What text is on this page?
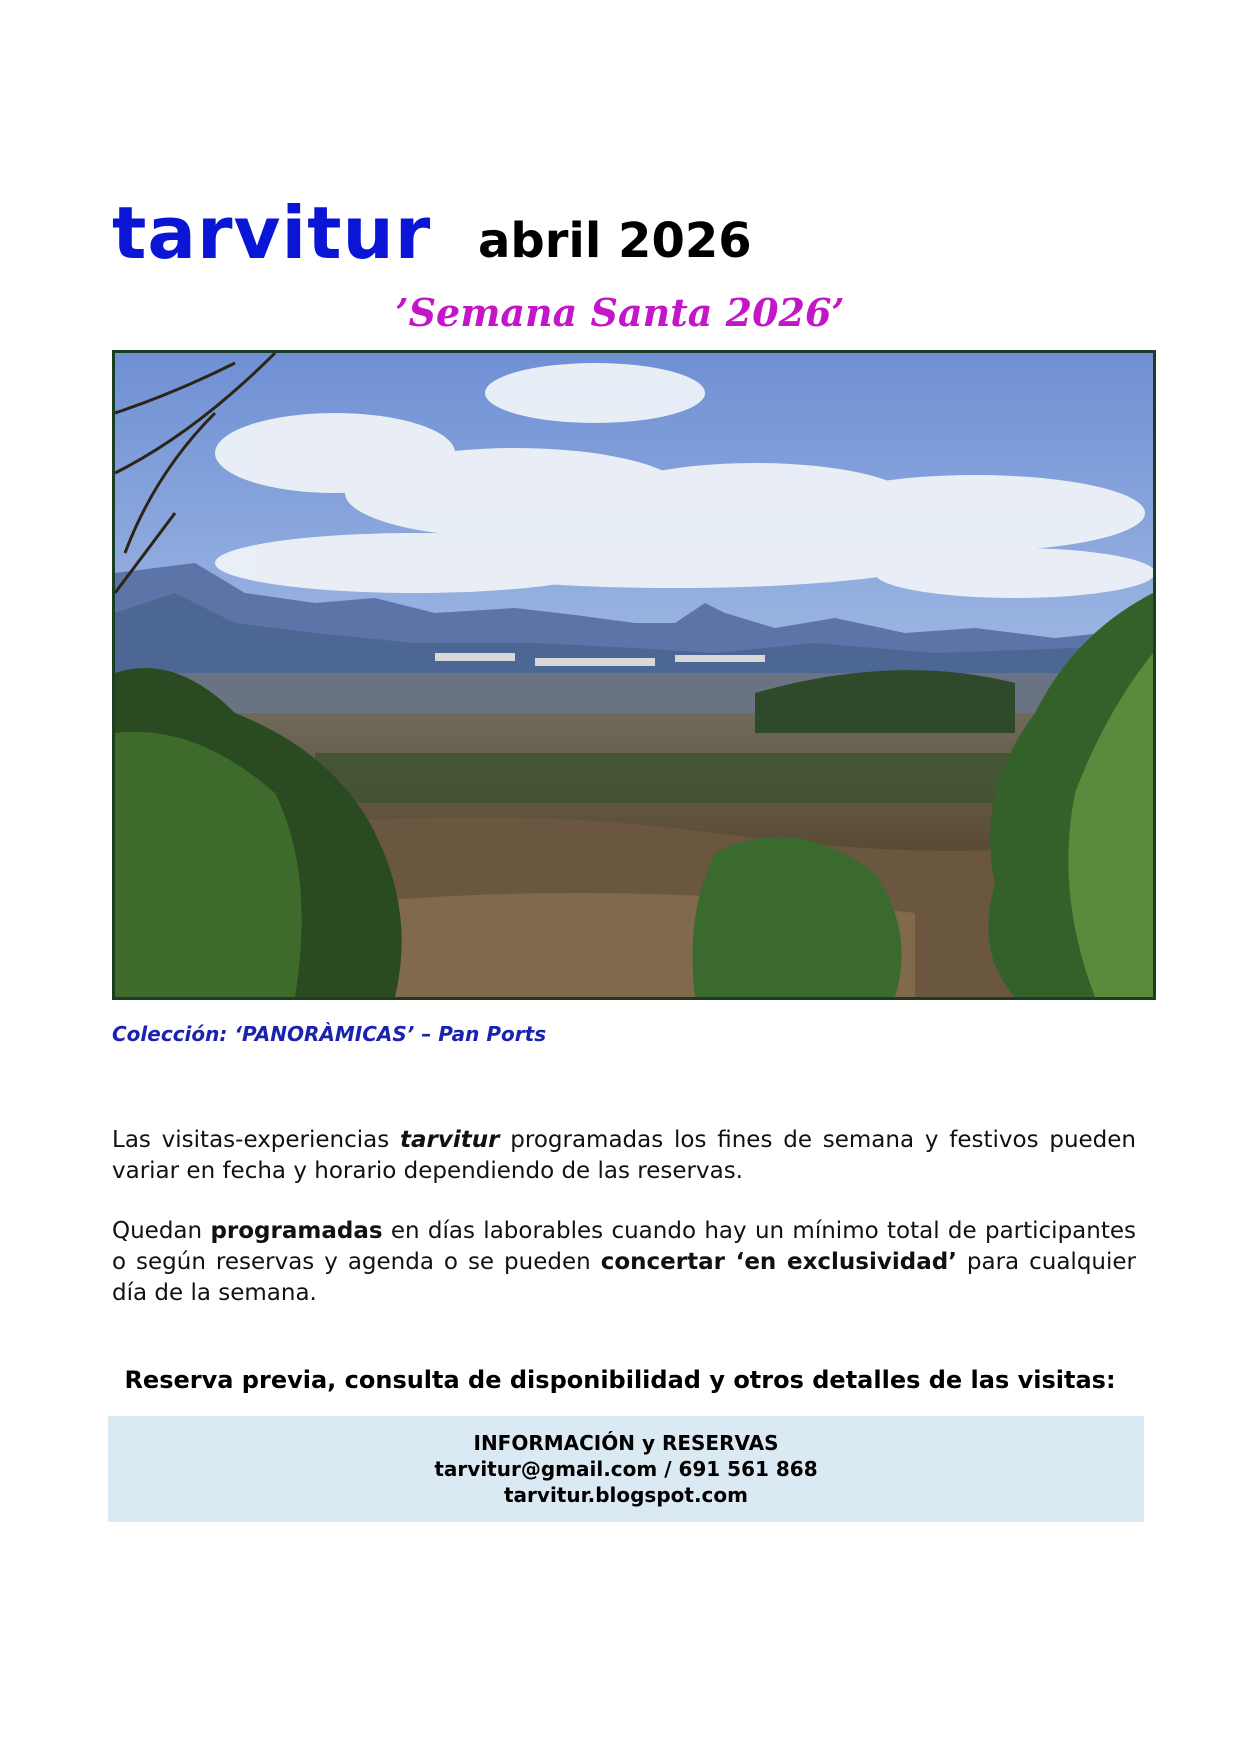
tarvitur abril 2026
’Semana Santa 2026’
Colección: ‘PANORÀMICAS’ – Pan Ports
Las visitas-experiencias tarvitur programadas los fines de semana y festivos pueden variar en fecha y horario dependiendo de las reservas.
Quedan programadas en días laborables cuando hay un mínimo total de participantes o según reservas y agenda o se pueden concertar ‘en exclusividad’ para cualquier día de la semana.
Reserva previa, consulta de disponibilidad y otros detalles de las visitas:
INFORMACIÓN y RESERVAS
tarvitur@gmail.com / 691 561 868
tarvitur.blogspot.com
